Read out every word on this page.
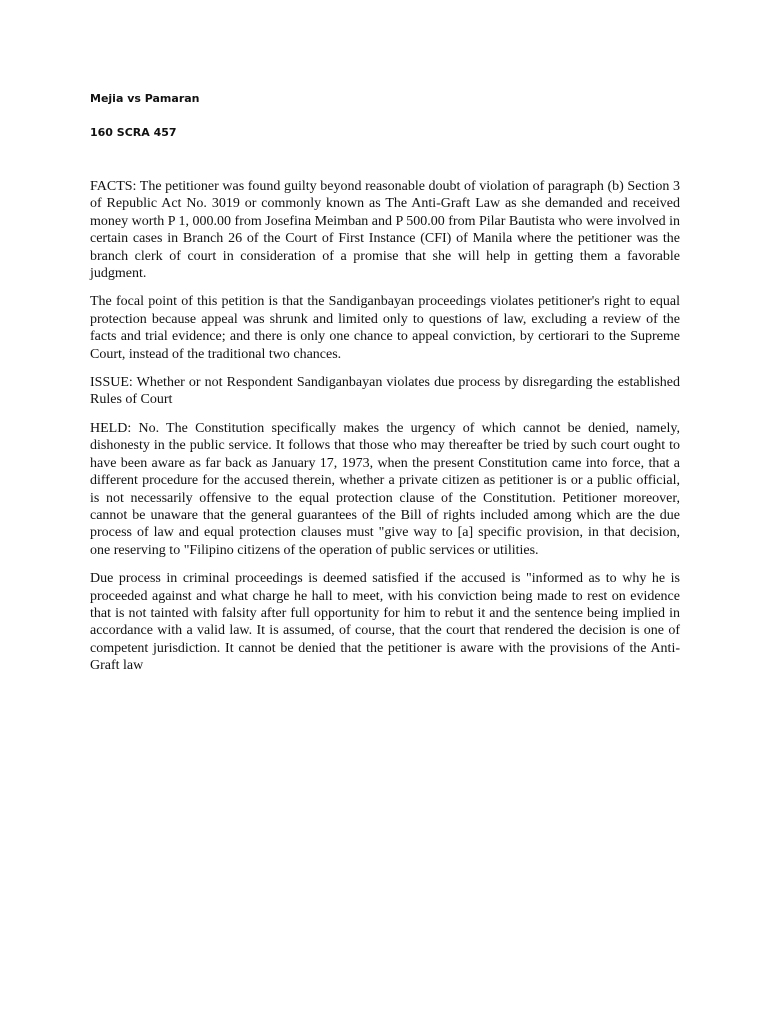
Mejia vs Pamaran

160 SCRA 457

FACTS: The petitioner was found guilty beyond reasonable doubt of violation of paragraph (b) Section 3 of Republic Act No. 3019 or commonly known as The Anti-Graft Law as she demanded and received money worth P 1, 000.00 from Josefina Meimban and P 500.00 from Pilar Bautista who were involved in certain cases in Branch 26 of the Court of First Instance (CFI) of Manila where the petitioner was the branch clerk of court in consideration of a promise that she will help in getting them a favorable judgment.

The focal point of this petition is that the Sandiganbayan proceedings violates petitioner's right to equal protection because appeal was shrunk and limited only to questions of law, excluding a review of the facts and trial evidence; and there is only one chance to appeal conviction, by certiorari to the Supreme Court, instead of the traditional two chances.

ISSUE: Whether or not Respondent Sandiganbayan violates due process by disregarding the established Rules of Court

HELD: No. The Constitution specifically makes the urgency of which cannot be denied, namely, dishonesty in the public service. It follows that those who may thereafter be tried by such court ought to have been aware as far back as January 17, 1973, when the present Constitution came into force, that a different procedure for the accused therein, whether a private citizen as petitioner is or a public official, is not necessarily offensive to the equal protection clause of the Constitution. Petitioner moreover, cannot be unaware that the general guarantees of the Bill of rights included among which are the due process of law and equal protection clauses must "give way to [a] specific provision, in that decision, one reserving to "Filipino citizens of the operation of public services or utilities.

Due process in criminal proceedings is deemed satisfied if the accused is "informed as to why he is proceeded against and what charge he hall to meet, with his conviction being made to rest on evidence that is not tainted with falsity after full opportunity for him to rebut it and the sentence being implied in accordance with a valid law. It is assumed, of course, that the court that rendered the decision is one of competent jurisdiction. It cannot be denied that the petitioner is aware with the provisions of the Anti-Graft law
